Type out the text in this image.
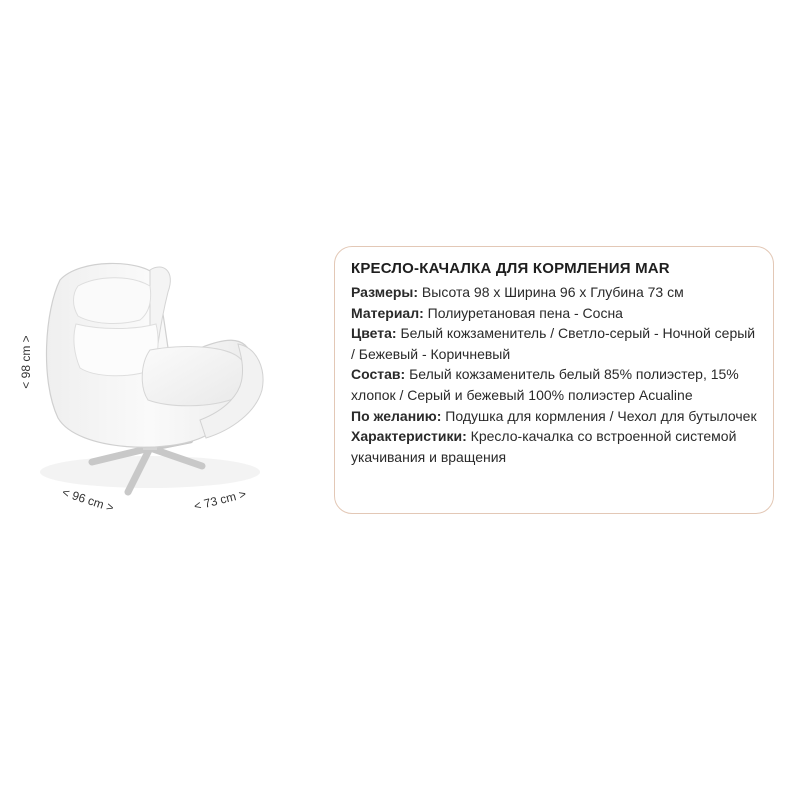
< 98 cm >
< 96 cm >	< 73 cm >
КРЕСЛО-КАЧАЛКА ДЛЯ КОРМЛЕНИЯ MAR

Размеры: Высота 98 х Ширина 96 х Глубина 73 см

Материал: Полиуретановая пена - Сосна

Цвета: Белый кожзаменитель / Светло-серый - Ночной серый / Бежевый - Коричневый

Состав: Белый кожзаменитель белый 85% полиэстер, 15% хлопок / Серый и бежевый 100% полиэстер Acualine

По желанию: Подушка для кормления / Чехол для бутылочек

Характеристики: Кресло-качалка со встроенной системой укачивания и вращения
